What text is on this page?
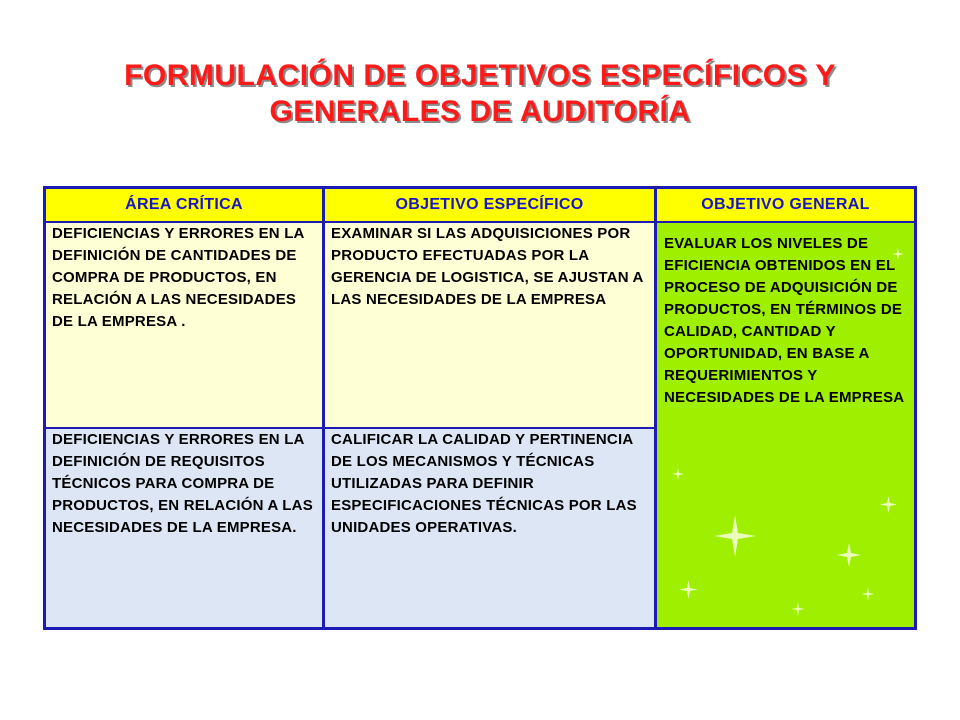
FORMULACIÓN DE OBJETIVOS ESPECÍFICOS Y
GENERALES DE AUDITORÍA
ÁREA CRÍTICA	OBJETIVO ESPECÍFICO	OBJETIVO GENERAL
DEFICIENCIAS Y ERRORES EN LA DEFINICIÓN DE CANTIDADES DE COMPRA DE PRODUCTOS, EN RELACIÓN A LAS NECESIDADES DE LA EMPRESA .
EXAMINAR SI LAS ADQUISICIONES POR PRODUCTO EFECTUADAS POR LA GERENCIA DE LOGISTICA, SE AJUSTAN A LAS NECESIDADES DE LA EMPRESA
DEFICIENCIAS Y ERRORES EN LA DEFINICIÓN DE REQUISITOS TÉCNICOS PARA COMPRA DE PRODUCTOS, EN RELACIÓN A LAS NECESIDADES DE LA EMPRESA.
CALIFICAR LA CALIDAD Y PERTINENCIA DE LOS MECANISMOS Y TÉCNICAS UTILIZADAS PARA DEFINIR ESPECIFICACIONES TÉCNICAS POR LAS UNIDADES OPERATIVAS.
EVALUAR LOS NIVELES DE EFICIENCIA OBTENIDOS EN EL PROCESO DE ADQUISICIÓN DE PRODUCTOS, EN TÉRMINOS DE CALIDAD, CANTIDAD Y OPORTUNIDAD, EN BASE A REQUERIMIENTOS Y NECESIDADES DE LA EMPRESA
